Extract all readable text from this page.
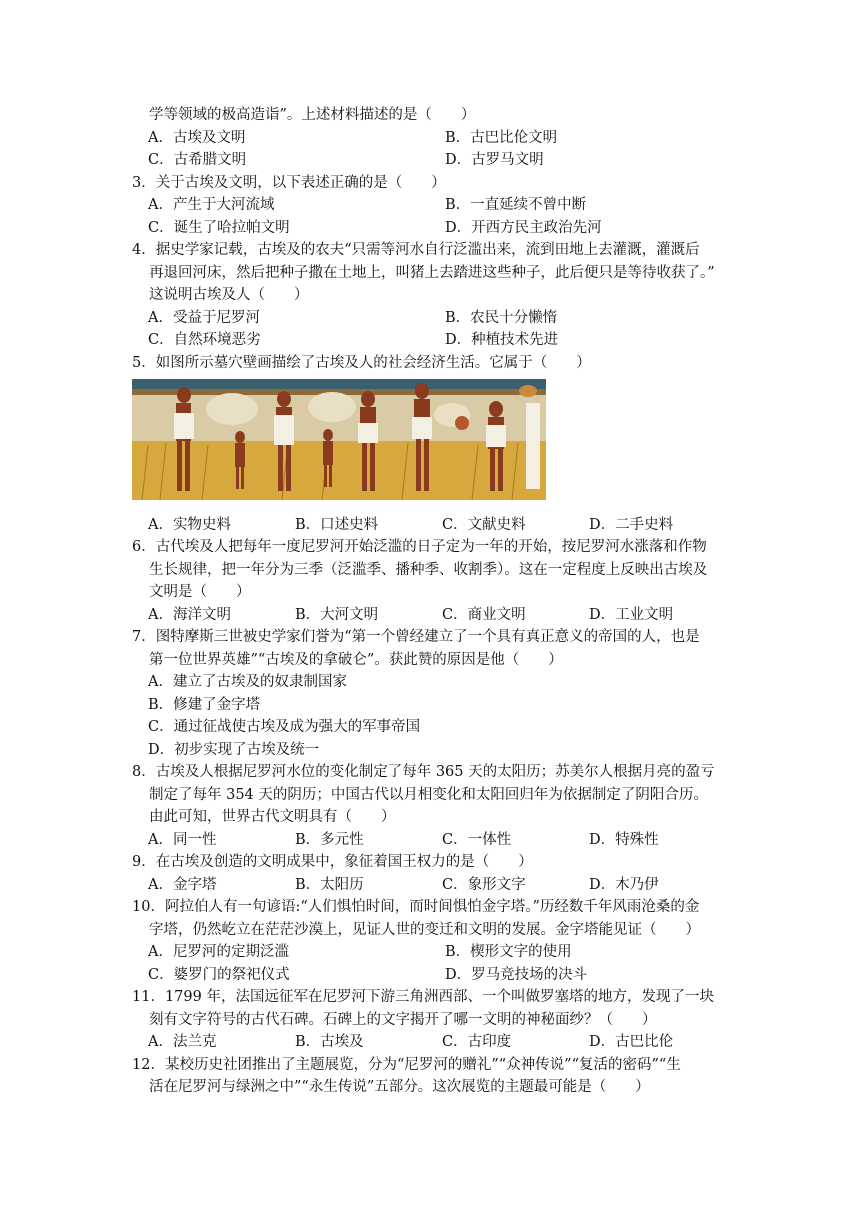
学等领域的极高造诣”。上述材料描述的是（　　）
A．古埃及文明	B．古巴比伦文明
C．古希腊文明	D．古罗马文明
3．关于古埃及文明，以下表述正确的是（　　）
A．产生于大河流域	B．一直延续不曾中断
C．诞生了哈拉帕文明	D．开西方民主政治先河
4．据史学家记载，古埃及的农夫“只需等河水自行泛滥出来，流到田地上去灌溉，灌溉后
再退回河床，然后把种子撒在土地上，叫猪上去踏进这些种子，此后便只是等待收获了。”
这说明古埃及人（　　）
A．受益于尼罗河	B．农民十分懒惰
C．自然环境恶劣	D．种植技术先进
5．如图所示墓穴壁画描绘了古埃及人的社会经济生活。它属于（　　）
A．实物史料	B．口述史料	C．文献史料	D．二手史料
6．古代埃及人把每年一度尼罗河开始泛滥的日子定为一年的开始，按尼罗河水涨落和作物
生长规律，把一年分为三季（泛滥季、播种季、收割季）。这在一定程度上反映出古埃及
文明是（　　）
A．海洋文明	B．大河文明	C．商业文明	D．工业文明
7．图特摩斯三世被史学家们誉为“第一个曾经建立了一个具有真正意义的帝国的人，也是
第一位世界英雄”“古埃及的拿破仑”。获此赞的原因是他（　　）
A．建立了古埃及的奴隶制国家
B．修建了金字塔
C．通过征战使古埃及成为强大的军事帝国
D．初步实现了古埃及统一
8．古埃及人根据尼罗河水位的变化制定了每年 365 天的太阳历；苏美尔人根据月亮的盈亏
制定了每年 354 天的阴历；中国古代以月相变化和太阳回归年为依据制定了阴阳合历。
由此可知，世界古代文明具有（　　）
A．同一性	B．多元性	C．一体性	D．特殊性
9．在古埃及创造的文明成果中，象征着国王权力的是（　　）
A．金字塔	B．太阳历	C．象形文字	D．木乃伊
10．阿拉伯人有一句谚语:“人们惧怕时间，而时间惧怕金字塔。”历经数千年风雨沧桑的金
字塔，仍然屹立在茫茫沙漠上，见证人世的变迁和文明的发展。金字塔能见证（　　）
A．尼罗河的定期泛滥	B．楔形文字的使用
C．婆罗门的祭祀仪式	D．罗马竞技场的决斗
11．1799 年，法国远征军在尼罗河下游三角洲西部、一个叫做罗塞塔的地方，发现了一块
刻有文字符号的古代石碑。石碑上的文字揭开了哪一文明的神秘面纱？（　　）
A．法兰克	B．古埃及	C．古印度	D．古巴比伦
12．某校历史社团推出了主题展览，分为“尼罗河的赠礼”“众神传说”“复活的密码”“生
活在尼罗河与绿洲之中”“永生传说”五部分。这次展览的主题最可能是（　　）
